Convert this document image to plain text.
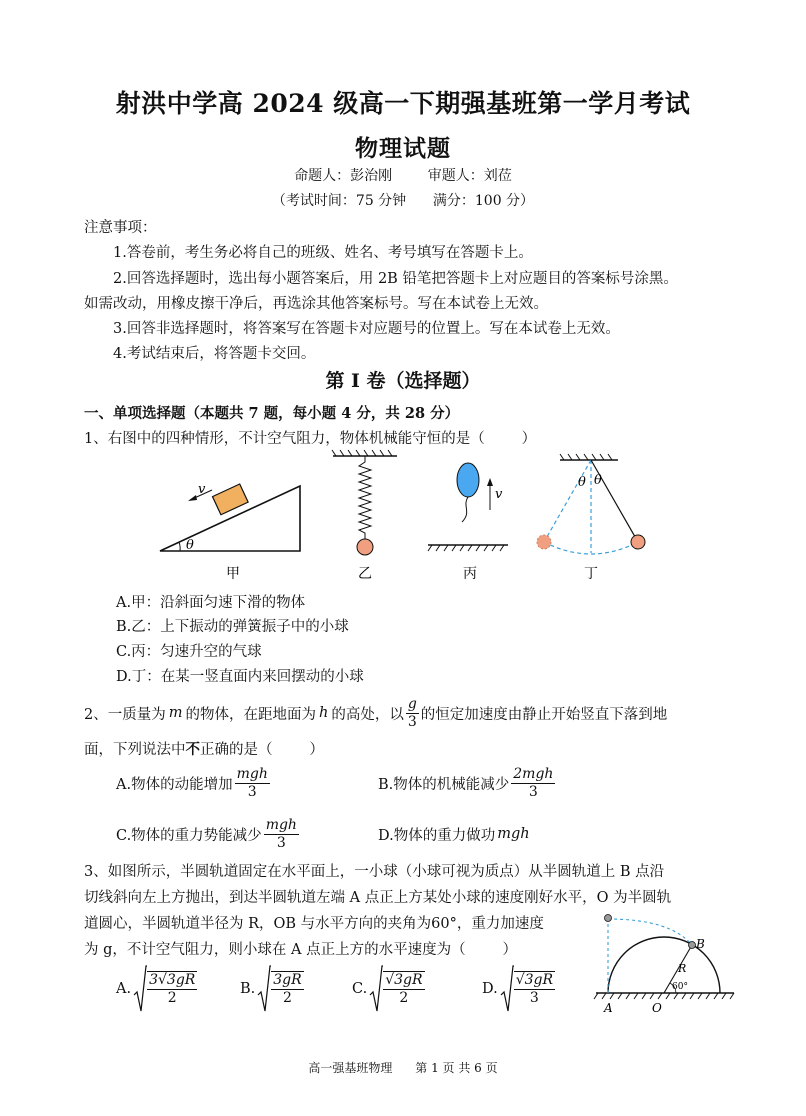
射洪中学高 2024 级高一下期强基班第一学月考试
物理试题
命题人：彭治刚        审题人：刘莅
（考试时间：75 分钟      满分：100 分）
注意事项：
1.答卷前，考生务必将自己的班级、姓名、考号填写在答题卡上。
2.回答选择题时，选出每小题答案后，用 2B 铅笔把答题卡上对应题目的答案标号涂黑。
如需改动，用橡皮擦干净后，再选涂其他答案标号。写在本试卷上无效。
3.回答非选择题时，将答案写在答题卡对应题号的位置上。写在本试卷上无效。
4.考试结束后，将答题卡交回。
第 I 卷（选择题）
一、单项选择题（本题共 7 题，每小题 4 分，共 28 分）
1、右图中的四种情形，不计空气阻力，物体机械能守恒的是（        ）
v
θ
v
θ θ
甲	乙	丙	丁
A.甲：沿斜面匀速下滑的物体
B.乙：上下振动的弹簧振子中的小球
C.丙：匀速升空的气球
D.丁：在某一竖直面内来回摆动的小球
2、一质量为 m 的物体，在距地面为 h 的高处，以 $\frac{g}{3}$ 的恒定加速度由静止开始竖直下落到地
面，下列说法中不正确的是（        ）
A.物体的动能增加 $\frac{\text{mgh}}{3}$	B.物体的机械能减少 $\frac{\text{2mgh}}{3}$
C.物体的重力势能减少 $\frac{\text{mgh}}{3}$	D.物体的重力做功 mgh
3、如图所示，半圆轨道固定在水平面上，一小球（小球可视为质点）从半圆轨道上 B 点沿
切线斜向左上方抛出，到达半圆轨道左端 A 点正上方某处小球的速度刚好水平，O 为半圆轨
道圆心，半圆轨道半径为 R，OB 与水平方向的夹角为60°，重力加速度
为 g，不计空气阻力，则小球在 A 点正上方的水平速度为（        ）
A. $\frac{3√3gR}{2}$	B. $\frac{3gR}{2}$	C. $\frac{√3gR}{2}$	D. $\frac{√3gR}{3}$
B
R
60°
A	O
高一强基班物理      第 1 页 共 6 页
